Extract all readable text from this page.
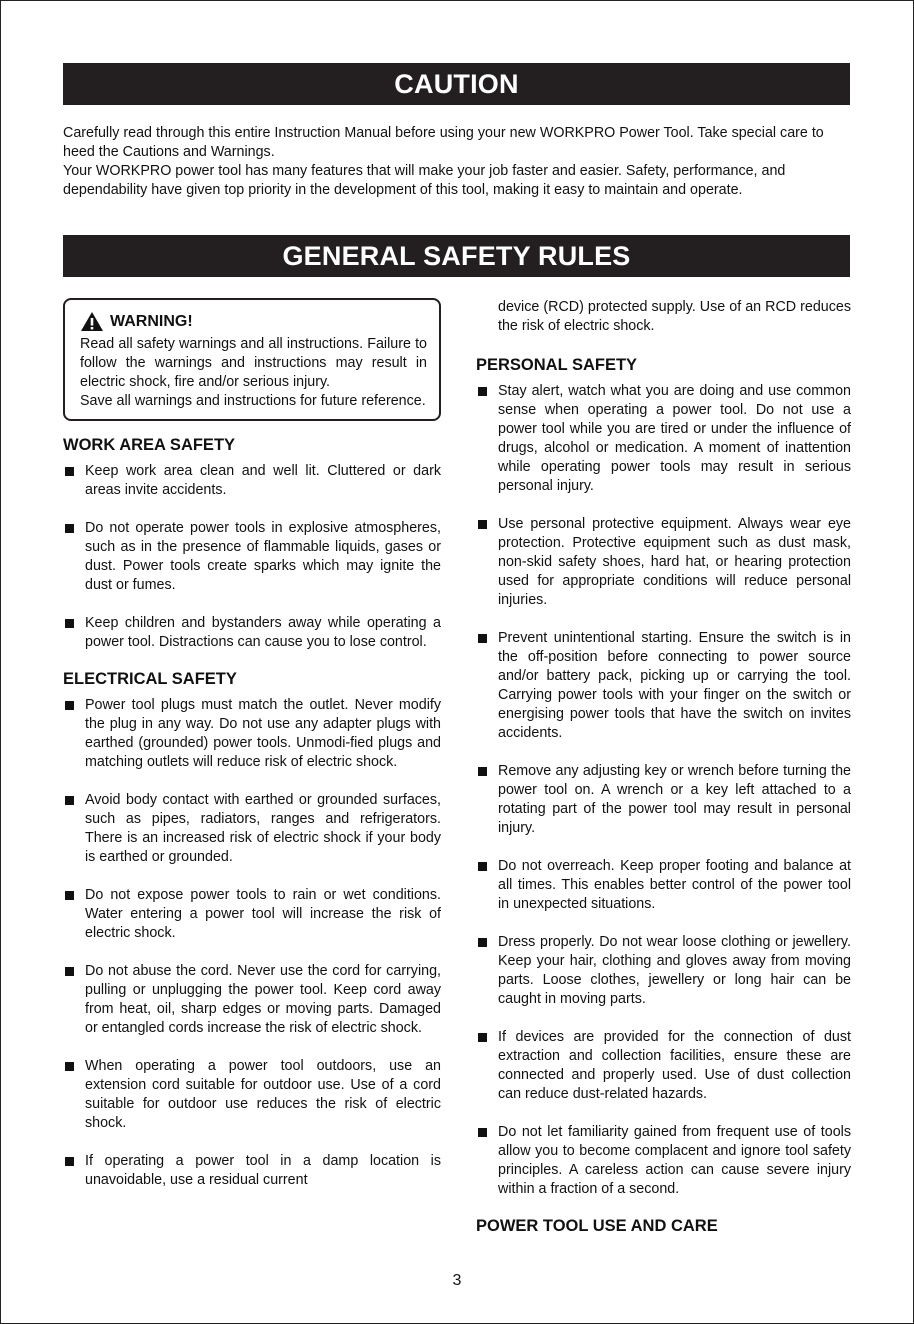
CAUTION

Carefully read through this entire Instruction Manual before using your new WORKPRO Power Tool. Take special care to heed the Cautions and Warnings.

Your WORKPRO power tool has many features that will make your job faster and easier. Safety, performance, and dependability have given top priority in the development of this tool, making it easy to maintain and operate.

GENERAL SAFETY RULES
WARNING!
Read all safety warnings and all instructions. Failure to follow the warnings and instructions may result in electric shock, fire and/or serious injury.
Save all warnings and instructions for future reference.
WORK AREA SAFETY
Keep work area clean and well lit. Cluttered or dark areas invite accidents.
Do not operate power tools in explosive atmospheres, such as in the presence of flammable liquids, gases or dust. Power tools create sparks which may ignite the dust or fumes.
Keep children and bystanders away while operating a power tool. Distractions can cause you to lose control.
ELECTRICAL SAFETY
Power tool plugs must match the outlet. Never modify the plug in any way. Do not use any adapter plugs with earthed (grounded) power tools. Unmodi-fied plugs and matching outlets will reduce risk of electric shock.
Avoid body contact with earthed or grounded surfaces, such as pipes, radiators, ranges and refrigerators. There is an increased risk of electric shock if your body is earthed or grounded.
Do not expose power tools to rain or wet conditions. Water entering a power tool will increase the risk of electric shock.
Do not abuse the cord. Never use the cord for carrying, pulling or unplugging the power tool. Keep cord away from heat, oil, sharp edges or moving parts. Damaged or entangled cords increase the risk of electric shock.
When operating a power tool outdoors, use an extension cord suitable for outdoor use. Use of a cord suitable for outdoor use reduces the risk of electric shock.
If operating a power tool in a damp location is unavoidable, use a residual current
device (RCD) protected supply. Use of an RCD reduces the risk of electric shock.
PERSONAL SAFETY
Stay alert, watch what you are doing and use common sense when operating a power tool. Do not use a power tool while you are tired or under the influence of drugs, alcohol or medication. A moment of inattention while operating power tools may result in serious personal injury.
Use personal protective equipment. Always wear eye protection. Protective equipment such as dust mask, non-skid safety shoes, hard hat, or hearing protection used for appropriate conditions will reduce personal injuries.
Prevent unintentional starting. Ensure the switch is in the off-position before connecting to power source and/or battery pack, picking up or carrying the tool. Carrying power tools with your finger on the switch or energising power tools that have the switch on invites accidents.
Remove any adjusting key or wrench before turning the power tool on. A wrench or a key left attached to a rotating part of the power tool may result in personal injury.
Do not overreach. Keep proper footing and balance at all times. This enables better control of the power tool in unexpected situations.
Dress properly. Do not wear loose clothing or jewellery. Keep your hair, clothing and gloves away from moving parts. Loose clothes, jewellery or long hair can be caught in moving parts.
If devices are provided for the connection of dust extraction and collection facilities, ensure these are connected and properly used. Use of dust collection can reduce dust-related hazards.
Do not let familiarity gained from frequent use of tools allow you to become complacent and ignore tool safety principles. A careless action can cause severe injury within a fraction of a second.
POWER TOOL USE AND CARE
3
